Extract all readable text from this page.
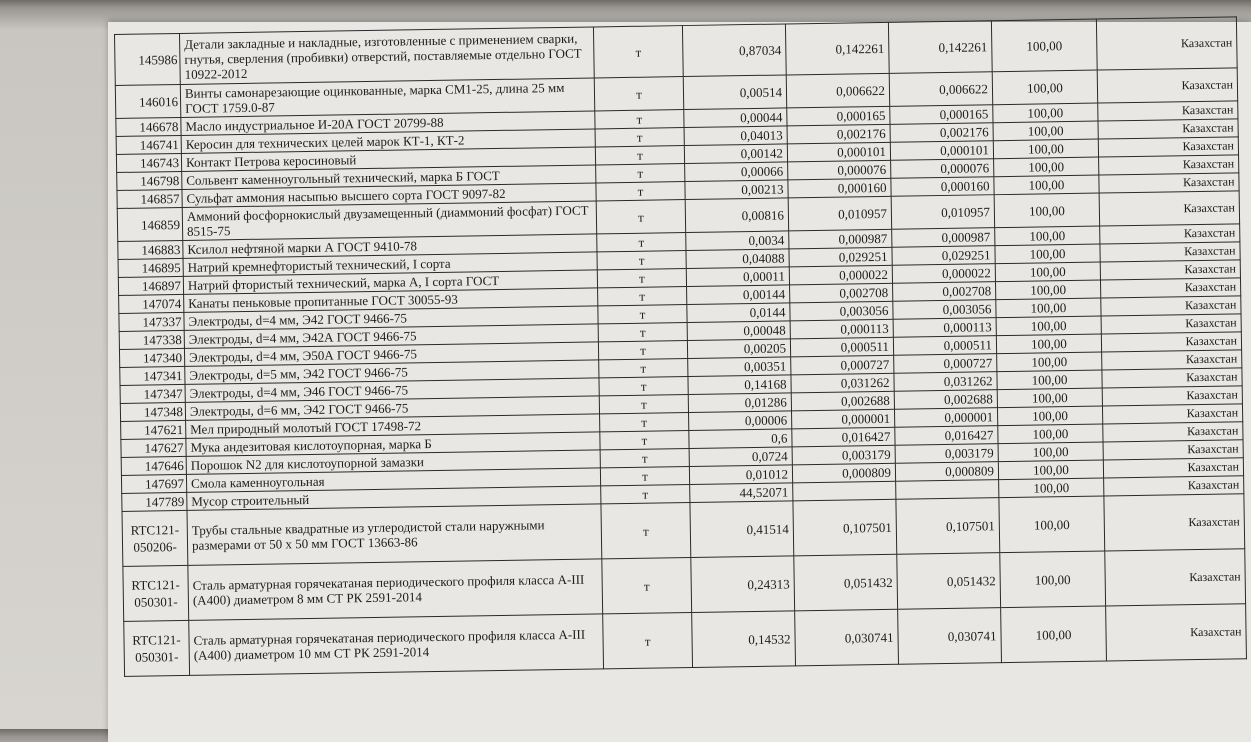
145986	Детали закладные и накладные, изготовленные с применением сварки, гнутья, сверления (пробивки) отверстий, поставляемые отдельно ГОСТ 10922-2012	т	0,87034	0,142261	0,142261	100,00	Казахстан
146016	Винты самонарезающие оцинкованные, марка СМ1-25, длина 25 мм ГОСТ 1759.0-87	т	0,00514	0,006622	0,006622	100,00	Казахстан
146678	Масло индустриальное И-20А ГОСТ 20799-88	т	0,00044	0,000165	0,000165	100,00	Казахстан
146741	Керосин для технических целей марок КТ-1, КТ-2	т	0,04013	0,002176	0,002176	100,00	Казахстан
146743	Контакт Петрова керосиновый	т	0,00142	0,000101	0,000101	100,00	Казахстан
146798	Сольвент каменноугольный технический, марка Б ГОСТ	т	0,00066	0,000076	0,000076	100,00	Казахстан
146857	Сульфат аммония насыпью высшего сорта ГОСТ 9097-82	т	0,00213	0,000160	0,000160	100,00	Казахстан
146859	Аммоний фосфорнокислый двузамещенный (диаммоний фосфат) ГОСТ 8515-75	т	0,00816	0,010957	0,010957	100,00	Казахстан
146883	Ксилол нефтяной марки А ГОСТ 9410-78	т	0,0034	0,000987	0,000987	100,00	Казахстан
146895	Натрий кремнефтористый технический, I сорта	т	0,04088	0,029251	0,029251	100,00	Казахстан
146897	Натрий фтористый технический, марка А, I сорта ГОСТ	т	0,00011	0,000022	0,000022	100,00	Казахстан
147074	Канаты пеньковые пропитанные ГОСТ 30055-93	т	0,00144	0,002708	0,002708	100,00	Казахстан
147337	Электроды, d=4 мм, Э42 ГОСТ 9466-75	т	0,0144	0,003056	0,003056	100,00	Казахстан
147338	Электроды, d=4 мм, Э42А ГОСТ 9466-75	т	0,00048	0,000113	0,000113	100,00	Казахстан
147340	Электроды, d=4 мм, Э50А ГОСТ 9466-75	т	0,00205	0,000511	0,000511	100,00	Казахстан
147341	Электроды, d=5 мм, Э42 ГОСТ 9466-75	т	0,00351	0,000727	0,000727	100,00	Казахстан
147347	Электроды, d=4 мм, Э46 ГОСТ 9466-75	т	0,14168	0,031262	0,031262	100,00	Казахстан
147348	Электроды, d=6 мм, Э42 ГОСТ 9466-75	т	0,01286	0,002688	0,002688	100,00	Казахстан
147621	Мел природный молотый ГОСТ 17498-72	т	0,00006	0,000001	0,000001	100,00	Казахстан
147627	Мука андезитовая кислотоупорная, марка Б	т	0,6	0,016427	0,016427	100,00	Казахстан
147646	Порошок N2 для кислотоупорной замазки	т	0,0724	0,003179	0,003179	100,00	Казахстан
147697	Смола каменноугольная	т	0,01012	0,000809	0,000809	100,00	Казахстан
147789	Мусор строительный	т	44,52071			100,00	Казахстан
RTC121-050206-	Трубы стальные квадратные из углеродистой стали наружными размерами от 50 х 50 мм ГОСТ 13663-86	т	0,41514	0,107501	0,107501	100,00	Казахстан
RTC121-050301-	Сталь арматурная горячекатаная периодического профиля класса А-III (А400) диаметром 8 мм СТ РК 2591-2014	т	0,24313	0,051432	0,051432	100,00	Казахстан
RTC121-050301-	Сталь арматурная горячекатаная периодического профиля класса А-III (А400) диаметром 10 мм СТ РК 2591-2014	т	0,14532	0,030741	0,030741	100,00	Казахстан
